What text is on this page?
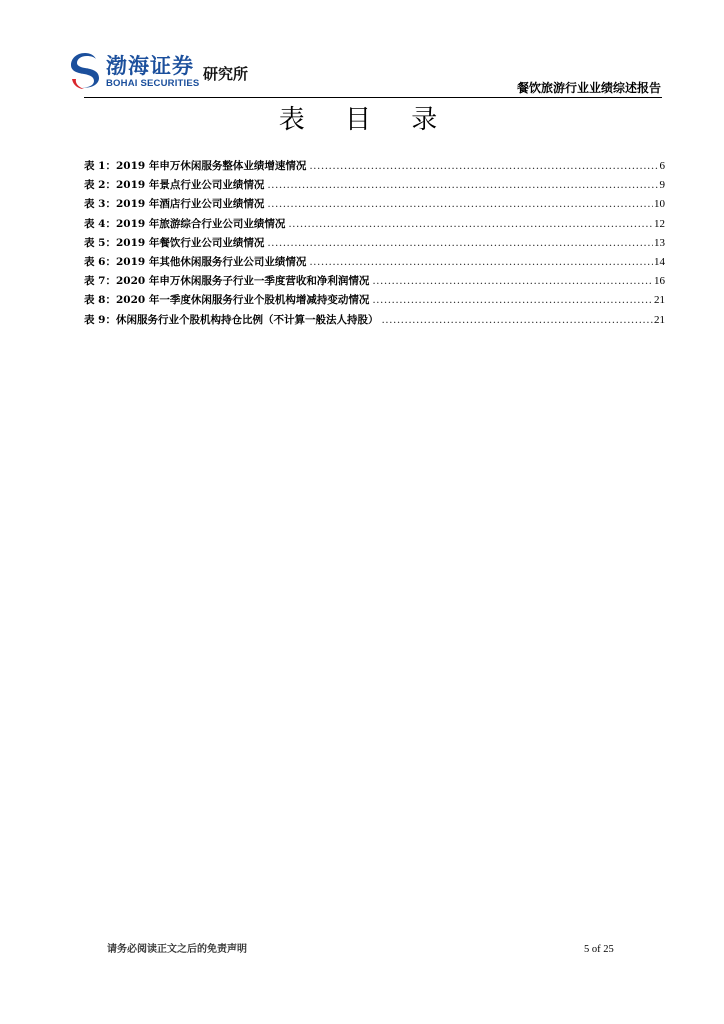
渤海证券
BOHAI SECURITIES
研究所
餐饮旅游行业业绩综述报告
表 目 录
表 1：2019 年申万休闲服务整体业绩增速情况 .....	6
表 2：2019 年景点行业公司业绩情况 .....	9
表 3：2019 年酒店行业公司业绩情况 .....	10
表 4：2019 年旅游综合行业公司业绩情况 .....	12
表 5：2019 年餐饮行业公司业绩情况 .....	13
表 6：2019 年其他休闲服务行业公司业绩情况 .....	14
表 7：2020 年申万休闲服务子行业一季度营收和净利润情况 .....	16
表 8：2020 年一季度休闲服务行业个股机构增减持变动情况 .....	21
表 9：休闲服务行业个股机构持仓比例（不计算一般法人持股） .....	21
请务必阅读正文之后的免责声明	5 of 25
